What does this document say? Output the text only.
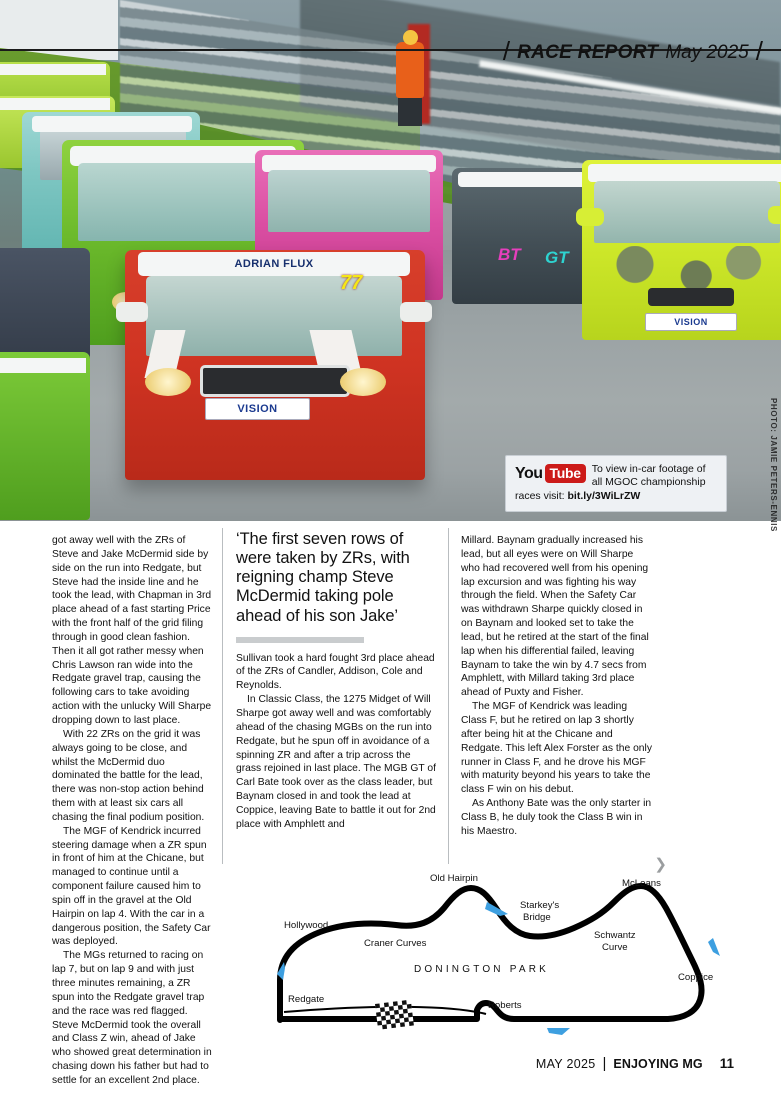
ADRIAN FLUX
77
VISION
GT
VISION
BT
/ RACE REPORT May 2025 /
You Tube	To view in-car footage of
all MGOC championship
races visit: bit.ly/3WiLrZW	PHOTO: JAMIE PETERS-ENNIS

got away well with the ZRs of Steve and Jake McDermid side by side on the run into Redgate, but Steve had the inside line and he took the lead, with Chapman in 3rd place ahead of a fast starting Price with the front half of the grid filing through in good clean fashion. Then it all got rather messy when Chris Lawson ran wide into the Redgate gravel trap, causing the following cars to take avoiding action with the unlucky Will Sharpe dropping down to last place.

With 22 ZRs on the grid it was always going to be close, and whilst the McDermid duo dominated the battle for the lead, there was non-stop action behind them with at least six cars all chasing the final podium position.

The MGF of Kendrick incurred steering damage when a ZR spun in front of him at the Chicane, but managed to continue until a component failure caused him to spin off in the gravel at the Old Hairpin on lap 4. With the car in a dangerous position, the Safety Car was deployed.

The MGs returned to racing on lap 7, but on lap 9 and with just three minutes remaining, a ZR spun into the Redgate gravel trap and the race was red flagged. Steve McDermid took the overall and Class Z win, ahead of Jake who showed great determination in chasing down his father but had to settle for an excellent 2nd place.

‘The first seven rows of were taken by ZRs, with reigning champ Steve McDermid taking pole ahead of his son Jake’

Sullivan took a hard fought 3rd place ahead of the ZRs of Candler, Addison, Cole and Reynolds.

In Classic Class, the 1275 Midget of Will Sharpe got away well and was comfortably ahead of the chasing MGBs on the run into Redgate, but he spun off in avoidance of a spinning ZR and after a trip across the grass rejoined in last place. The MGB GT of Carl Bate took over as the class leader, but Baynam closed in and took the lead at Coppice, leaving Bate to battle it out for 2nd place with Amphlett and

Millard. Baynam gradually increased his lead, but all eyes were on Will Sharpe who had recovered well from his opening lap excursion and was fighting his way through the field. When the Safety Car was withdrawn Sharpe quickly closed in on Baynam and looked set to take the lead, but he retired at the start of the final lap when his differential failed, leaving Baynam to take the win by 4.7 secs from Amphlett, with Millard taking 3rd place ahead of Puxty and Fisher.

The MGF of Kendrick was leading Class F, but he retired on lap 3 shortly after being hit at the Chicane and Redgate. This left Alex Forster as the only runner in Class F, and he drove his MGF with maturity beyond his years to take the class F win on his debut.

As Anthony Bate was the only starter in Class B, he duly took the Class B win in his Maestro.

❯
Hollywood
Craner Curves
Old Hairpin
Starkey's
Bridge
McLeans
Schwantz
Curve
Coppice
Roberts
Redgate
DONINGTON PARK
MAY 2025 | ENJOYING MG 11
